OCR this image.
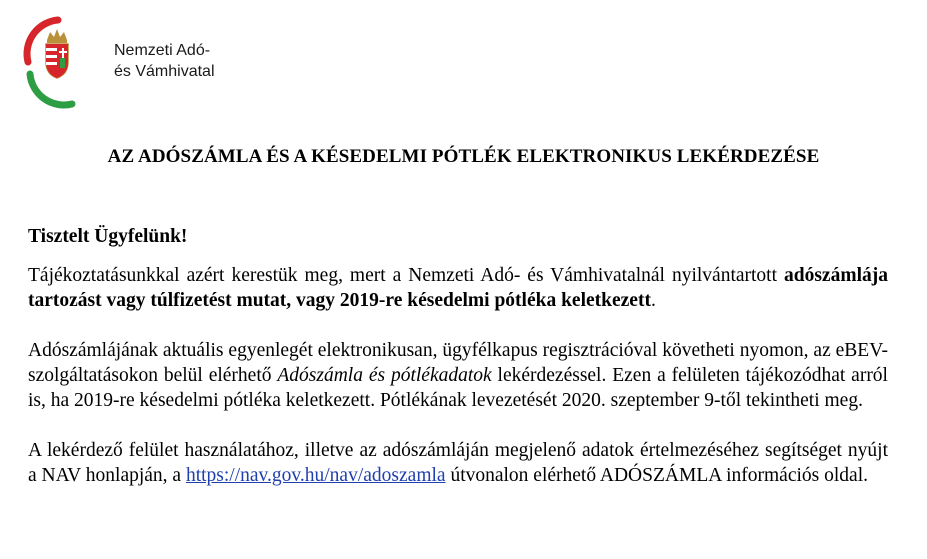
Nemzeti Adó-
és Vámhivatal
AZ ADÓSZÁMLA ÉS A KÉSEDELMI PÓTLÉK ELEKTRONIKUS LEKÉRDEZÉSE
Tisztelt Ügyfelünk!
Tájékoztatásunkkal azért kerestük meg, mert a Nemzeti Adó- és Vámhivatalnál nyilvántartott adószámlája tartozást vagy túlfizetést mutat, vagy 2019-re késedelmi pótléka keletkezett.
Adószámlájának aktuális egyenlegét elektronikusan, ügyfélkapus regisztrációval követheti nyomon, az eBEV-szolgáltatásokon belül elérhető Adószámla és pótlékadatok lekérdezéssel. Ezen a felületen tájékozódhat arról is, ha 2019-re késedelmi pótléka keletkezett. Pótlékának levezetését 2020. szeptember 9-től tekintheti meg.
A lekérdező felület használatához, illetve az adószámláján megjelenő adatok értelmezéséhez segítséget nyújt a NAV honlapján, a https://nav.gov.hu/nav/adoszamla útvonalon elérhető ADÓSZÁMLA információs oldal.
